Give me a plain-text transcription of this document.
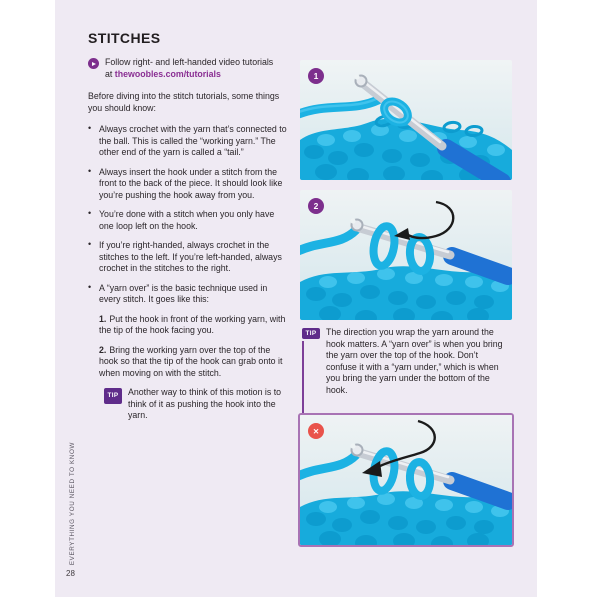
EVERYTHING YOU NEED TO KNOW
28
STITCHES
Follow right- and left-handed video tutorials
at thewoobles.com/tutorials

Before diving into the stitch tutorials, some things you should know:

• Always crochet with the yarn that’s connected to the ball. This is called the “working yarn.” The other end of the yarn is called a “tail.”
• Always insert the hook under a stitch from the front to the back of the piece. It should look like you’re pushing the hook away from you.
• You’re done with a stitch when you only have one loop left on the hook.
• If you’re right-handed, always crochet in the stitches to the left. If you’re left-handed, always crochet in the stitches to the right.
• A “yarn over” is the basic technique used in every stitch. It goes like this:

1. Put the hook in front of the working yarn, with the tip of the hook facing you.

2. Bring the working yarn over the top of the hook so that the tip of the hook can grab onto it when moving on with the stitch.

TIP	Another way to think of this motion is to think of it as pushing the hook into the yarn.
1
2
TIP	The direction you wrap the yarn around the hook matters. A “yarn over” is when you bring the yarn over the top of the hook. Don’t confuse it with a “yarn under,” which is when you bring the yarn under the bottom of the hook.
✕
